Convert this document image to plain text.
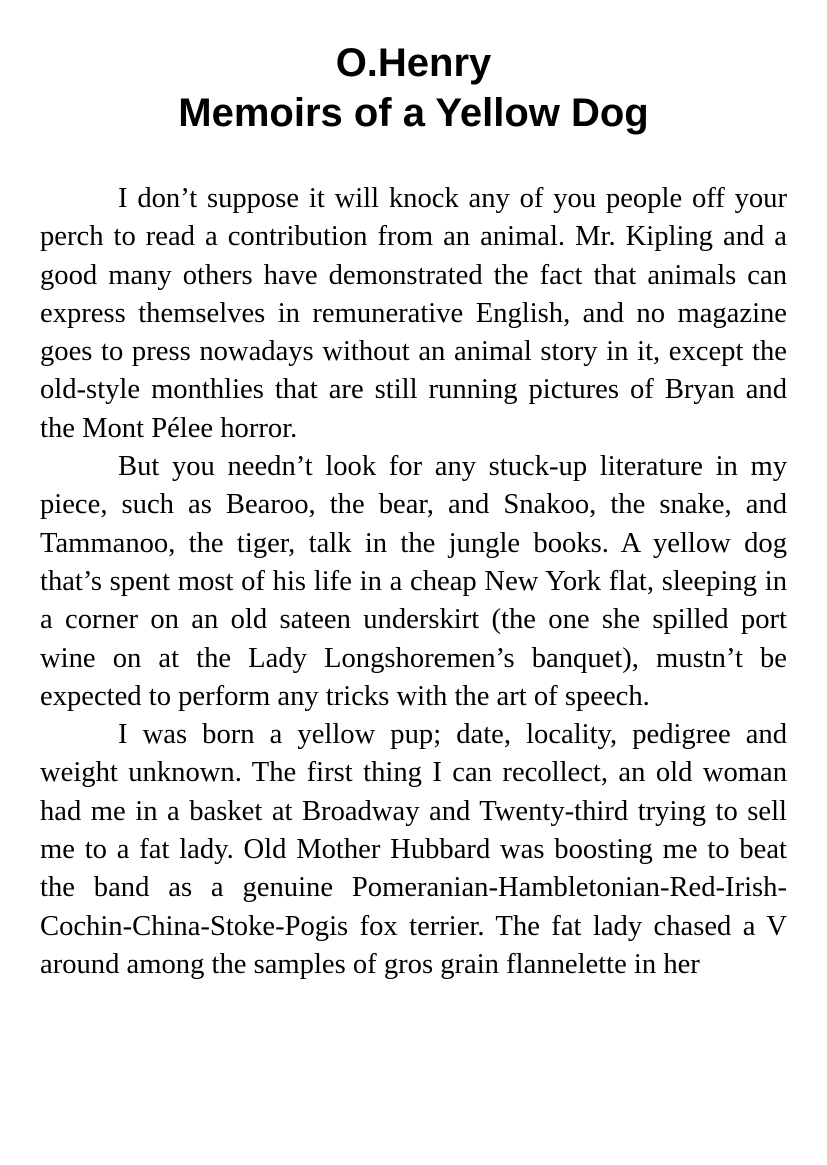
O.Henry
Memoirs of a Yellow Dog

I don’t suppose it will knock any of you people off your perch to read a contribution from an animal. Mr. Kipling and a good many others have demonstrated the fact that animals can express themselves in remunerative English, and no magazine goes to press nowadays without an animal story in it, except the old-style monthlies that are still running pictures of Bryan and the Mont Pélee horror.

But you needn’t look for any stuck-up literature in my piece, such as Bearoo, the bear, and Snakoo, the snake, and Tammanoo, the tiger, talk in the jungle books. A yellow dog that’s spent most of his life in a cheap New York flat, sleeping in a corner on an old sateen underskirt (the one she spilled port wine on at the Lady Longshoremen’s banquet), mustn’t be expected to perform any tricks with the art of speech.

I was born a yellow pup; date, locality, pedigree and weight unknown. The first thing I can recollect, an old woman had me in a basket at Broadway and Twenty-third trying to sell me to a fat lady. Old Mother Hubbard was boosting me to beat the band as a genuine Pomeranian-Hambletonian-Red-Irish-Cochin-China-Stoke-Pogis fox terrier. The fat lady chased a V around among the samples of gros grain flannelette in her
